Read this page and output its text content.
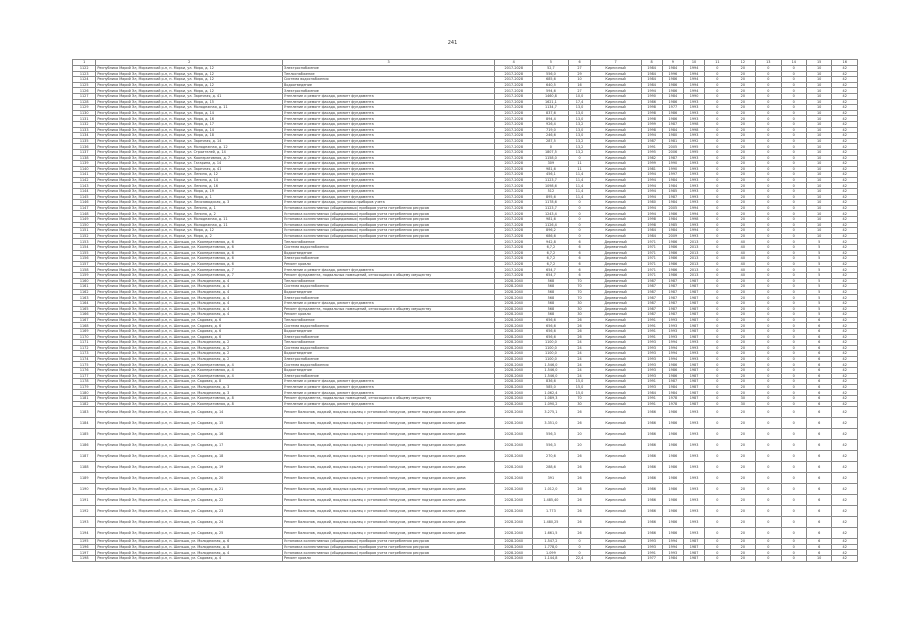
241
1	2	3	4	5	6	7	8	9	10	11	12	13	14	15	16
1122	Республика Марий Эл, Моркинский р-н, п. Морки, ул. Мира, д. 12	Электроснабжение	2017-2028	52,7	27	Кирпичный	1984	1984	1994	0	20	0	0	10	42
1123	Республика Марий Эл, Моркинский р-н, п. Морки, ул. Мира, д. 12	Теплоснабжение	2017-2028	556,0	29	Кирпичный	1984	1996	1994	0	20	0	0	10	42
1124	Республика Марий Эл, Моркинский р-н, п. Морки, ул. Мира, д. 12	Система водоснабжения	2017-2028	685,6	10	Кирпичный	1984	1986	1994	0	20	0	0	10	42
1125	Республика Марий Эл, Моркинский р-н, п. Морки, ул. Мира, д. 12	Водоотведение	2017-2028	640,5	16	Кирпичный	1984	1986	1994	0	20	0	0	10	42
1126	Республика Марий Эл, Моркинский р-н, п. Морки, ул. Мира, д. 12	Электроснабжение	2017-2028	594,6	27	Кирпичный	1994	1986	1994	0	20	0	0	10	42
1127	Республика Марий Эл, Моркинский р-н, п. Морки, ул. Заречная, д. 41	Утепление и ремонт фасада, ремонт фундамента	2017-2028	1460,8	10,0	Кирпичный	1990	1984	1990	0	20	0	0	10	42
1128	Республика Марий Эл, Моркинский р-н, п. Морки, ул. Мира, д. 15	Утепление и ремонт фасада, ремонт фундамента	2017-2028	1621,1	17,4	Кирпичный	1986	1986	1993	0	20	0	0	10	42
1129	Республика Марий Эл, Моркинский р-н, п. Морки, ул. Молодежная, д. 11	Утепление и ремонт фасада, ремонт фундамента	2017-2028	1134,7	13,0	Кирпичный	1998	1977	1993	0	20	0	0	10	42
1130	Республика Марий Эл, Моркинский р-н, п. Морки, ул. Мира, д. 14	Утепление и ремонт фасада, ремонт фундамента	2017-2028	837,6	13,0	Кирпичный	1998	1986	1993	0	20	0	0	10	42
1131	Республика Марий Эл, Моркинский р-н, п. Морки, ул. Мира, д. 16	Утепление и ремонт фасада, ремонт фундамента	2017-2028	894,4	13,0	Кирпичный	1998	1986	1993	0	20	0	0	10	42
1132	Республика Марий Эл, Моркинский р-н, п. Морки, ул. Мира, д. 17	Утепление и ремонт фасада, ремонт фундамента	2017-2028	926,4	13,2	Кирпичный	1999	1987	1998	0	20	0	0	10	42
1133	Республика Марий Эл, Моркинский р-н, п. Морки, ул. Мира, д. 14	Утепление и ремонт фасада, ремонт фундамента	2017-2028	719,0	13,0	Кирпичный	1998	1984	1998	0	20	0	0	10	42
1134	Республика Марий Эл, Моркинский р-н, п. Морки, ул. Мира, д. 18	Утепление и ремонт фасада, ремонт фундамента	2017-2028	246,6	13,0	Кирпичный	1994	1980	1993	0	20	0	0	10	42
1135	Республика Марий Эл, Моркинский р-н, п. Морки, ул. Заречная, д. 14	Утепление и ремонт фасада, ремонт фундамента	2017-2028	287,5	13,2	Кирпичный	1987	1981	1992	0	20	0	0	10	42
1136	Республика Марий Эл, Моркинский р-н, п. Морки, ул. Молодежная, д. 12	Утепление и ремонт фасада, ремонт фундамента	2017-2028	0	13,2	Кирпичный	1991	2005	1995	0	20	0	0	10	42
1137	Республика Марий Эл, Моркинский р-н, п. Морки, ул. Строителей, д. 14	Утепление и ремонт фасада, ремонт фундамента	2017-2028	1807,5	13,2	Кирпичный	1995	2006	1995	0	20	0	0	10	42
1138	Республика Марий Эл, Моркинский р-н, п. Морки, ул. Кооперативная, д. 7	Утепление и ремонт фасада, ремонт фундамента	2017-2028	1158,0	0	Кирпичный	1982	1987	1993	0	20	0	0	10	42
1139	Республика Марий Эл, Моркинский р-н, п. Морки, ул. Гагарина, д. 14	Утепление и ремонт фасада, ремонт фундамента	2017-2028	309	11	Кирпичный	1999	1990	1993	0	20	0	0	10	42
1140	Республика Марий Эл, Моркинский р-н, п. Морки, ул. Заречная, д. 41	Утепление и ремонт фасада, ремонт фундамента	2017-2028	981,6	11	Кирпичный	1981	1990	1993	0	20	0	0	10	42
1141	Республика Марий Эл, Моркинский р-н, п. Морки, ул. Ленина, д. 12	Утепление и ремонт фасада, ремонт фундамента	2017-2028	456,1	11,4	Кирпичный	1994	1997	1993	0	20	0	0	10	42
1142	Республика Марий Эл, Моркинский р-н, п. Морки, ул. Ленина, д. 14	Утепление и ремонт фасада, ремонт фундамента	2017-2028	1123,7	11,4	Кирпичный	1994	1984	1993	0	20	0	0	10	42
1143	Республика Марий Эл, Моркинский р-н, п. Морки, ул. Ленина, д. 16	Утепление и ремонт фасада, ремонт фундамента	2017-2028	1098,6	11,4	Кирпичный	1994	1984	1993	0	20	0	0	10	42
1144	Республика Марий Эл, Моркинский р-н, п. Морки, ул. Мира, д. 19	Утепление и ремонт фасада, ремонт фундамента	2017-2028	512	11,4	Кирпичный	1994	1985	1993	0	20	0	0	10	42
1145	Республика Марий Эл, Моркинский р-н, п. Морки, ул. Мира, д. 1	Утепление и ремонт фасада, ремонт фундамента	2017-2028	895,6	11,4	Кирпичный	1994	1987	1993	0	20	0	0	10	42
1146	Республика Марий Эл, Моркинский р-н, п. Морки, ул. Лесозаводская, д. 3	Утепление и ремонт фасада, установка приборов учета	2017-2028	1178,6	0	Кирпичный	1980	1984	1993	0	20	0	0	10	42
1147	Республика Марий Эл, Моркинский р-н, п. Морки, ул. Ленина, д. 1	Установка коллективных (общедомовых) приборов учета потребления ресурсов	2017-2028	1123,7	0	Кирпичный	1994	2005	1994	0	20	0	0	10	42
1148	Республика Марий Эл, Моркинский р-н, п. Морки, ул. Ленина, д. 2	Установка коллективных (общедомовых) приборов учета потребления ресурсов	2017-2028	1243,4	0	Кирпичный	1994	1986	1994	0	20	0	0	10	42
1149	Республика Марий Эл, Моркинский р-н, п. Морки, ул. Молодежная, д. 11	Установка коллективных (общедомовых) приборов учета потребления ресурсов	2017-2028	981,6	0	Кирпичный	1998	1984	1998	0	20	0	0	10	42
1150	Республика Марий Эл, Моркинский р-н, п. Морки, ул. Молодежная, д. 11	Установка коллективных (общедомовых) приборов учета потребления ресурсов	2017-2028	1126,4	0	Кирпичный	1998	1985	1993	0	20	0	0	10	42
1151	Республика Марий Эл, Моркинский р-н, п. Морки, ул. Мира, д. 12	Установка коллективных (общедомовых) приборов учета потребления ресурсов	2017-2028	896,2	0	Кирпичный	1984	1984	1994	0	20	0	0	10	42
1152	Республика Марий Эл, Моркинский р-н, п. Морки, ул. Мира, д. 2	Установка коллективных (общедомовых) приборов учета потребления ресурсов	2017-2028	686,6	0	Кирпичный	1984	2009	1993	0	20	0	0	10	42
1153	Республика Марий Эл, Моркинский р-н, п. Шиньша, ул. Кооперативная, д. 6	Теплоснабжение	2017-2028	942,8	6	Деревянный	1971	1986	2013	0	40	0	0	5	42
1154	Республика Марий Эл, Моркинский р-н, п. Шиньша, ул. Кооперативная, д. 6	Система водоснабжения	2017-2028	6,7,2	6	Деревянный	1971	1986	2013	0	40	0	0	5	42
1155	Республика Марий Эл, Моркинский р-н, п. Шиньша, ул. Кооперативная, д. 6	Водоотведение	2017-2028	6,7,2	6	Деревянный	1971	1986	2013	0	40	0	0	5	42
1156	Республика Марий Эл, Моркинский р-н, п. Шиньша, ул. Кооперативная, д. 6	Электроснабжение	2017-2028	6,7,2	6	Деревянный	1971	1986	2013	0	40	0	0	5	42
1157	Республика Марий Эл, Моркинский р-н, п. Шиньша, ул. Кооперативная, д. 6	Ремонт кровли	2017-2028	6,7,2	6	Деревянный	1971	1986	2013	0	40	0	0	5	42
1158	Республика Марий Эл, Моркинский р-н, п. Шиньша, ул. Кооперативная, д. 7	Утепление и ремонт фасада, ремонт фундамента	2017-2028	654,7	6	Деревянный	1971	1986	2013	0	40	0	0	5	42
1159	Республика Марий Эл, Моркинский р-н, п. Шиньша, ул. Кооперативная, д. 7	Ремонт фундамента, подвальных помещений, относящихся к общему имуществу	2017-2028	654,7	6	Деревянный	1971	1986	2013	0	40	0	0	5	42
1160	Республика Марий Эл, Моркинский р-н, п. Шиньша, ул. Молодежная, д. 4	Теплоснабжение	2028-2040	568	70	Деревянный	1987	1987	1987	0	20	0	0	5	42
1161	Республика Марий Эл, Моркинский р-н, п. Шиньша, ул. Молодежная, д. 4	Система водоснабжения	2028-2040	568	70	Деревянный	1987	1987	1987	0	20	0	0	5	42
1162	Республика Марий Эл, Моркинский р-н, п. Шиньша, ул. Молодежная, д. 4	Водоотведение	2028-2040	568	70	Деревянный	1987	1987	1987	0	20	0	0	5	42
1163	Республика Марий Эл, Моркинский р-н, п. Шиньша, ул. Молодежная, д. 4	Электроснабжение	2028-2040	568	70	Деревянный	1987	1987	1987	0	20	0	0	5	42
1164	Республика Марий Эл, Моркинский р-н, п. Шиньша, ул. Молодежная, д. 4	Утепление и ремонт фасада, ремонт фундамента	2028-2040	568	30	Деревянный	1987	1987	1987	0	20	0	0	5	42
1165	Республика Марий Эл, Моркинский р-н, п. Шиньша, ул. Молодежная, д. 4	Ремонт фундамента, подвальных помещений, относящихся к общему имуществу	2028-2040	568	30	Деревянный	1987	1987	1987	0	20	0	0	5	42
1166	Республика Марий Эл, Моркинский р-н, п. Шиньша, ул. Молодежная, д. 4	Ремонт кровли	2028-2040	568	30	Деревянный	1987	1987	1987	0	20	0	0	5	42
1167	Республика Марий Эл, Моркинский р-н, п. Шиньша, ул. Садовая, д. 6	Теплоснабжение	2028-2040	656,6	26	Кирпичный	1991	1993	1987	0	20	0	0	6	42
1168	Республика Марий Эл, Моркинский р-н, п. Шиньша, ул. Садовая, д. 6	Система водоснабжения	2028-2040	656,6	26	Кирпичный	1991	1993	1987	0	20	0	0	6	42
1169	Республика Марий Эл, Моркинский р-н, п. Шиньша, ул. Садовая, д. 6	Водоотведение	2028-2040	656,6	26	Кирпичный	1991	1993	1987	0	20	0	0	6	42
1170	Республика Марий Эл, Моркинский р-н, п. Шиньша, ул. Садовая, д. 6	Электроснабжение	2028-2040	656,6	26	Кирпичный	1991	1993	1987	0	20	0	0	6	42
1171	Республика Марий Эл, Моркинский р-н, п. Шиньша, ул. Молодежная, д. 2	Теплоснабжение	2028-2040	1100,0	24	Кирпичный	1993	1994	1993	0	20	0	0	6	42
1172	Республика Марий Эл, Моркинский р-н, п. Шиньша, ул. Молодежная, д. 2	Система водоснабжения	2028-2040	1100,0	24	Кирпичный	1993	1994	1993	0	20	0	0	6	42
1173	Республика Марий Эл, Моркинский р-н, п. Шиньша, ул. Молодежная, д. 2	Водоотведение	2028-2040	1100,0	24	Кирпичный	1993	1994	1993	0	20	0	0	6	42
1174	Республика Марий Эл, Моркинский р-н, п. Шиньша, ул. Молодежная, д. 2	Электроснабжение	2028-2040	1100,0	24	Кирпичный	1993	1994	1993	0	20	0	0	6	42
1175	Республика Марий Эл, Моркинский р-н, п. Шиньша, ул. Кооперативная, д. 4	Система водоснабжения	2028-2040	1.546,0	24	Кирпичный	1993	1986	1987	0	20	0	0	6	42
1176	Республика Марий Эл, Моркинский р-н, п. Шиньша, ул. Кооперативная, д. 4	Водоотведение	2028-2040	1.546,0	24	Кирпичный	1993	1986	1987	0	20	0	0	6	42
1177	Республика Марий Эл, Моркинский р-н, п. Шиньша, ул. Кооперативная, д. 4	Электроснабжение	2028-2040	1.546,0	24	Кирпичный	1993	1986	1987	0	20	0	0	6	42
1178	Республика Марий Эл, Моркинский р-н, п. Шиньша, ул. Садовая, д. 8	Утепление и ремонт фасада, ремонт фундамента	2028-2040	836,6	15,0	Кирпичный	1991	1987	1987	0	20	0	0	6	42
1179	Республика Марий Эл, Моркинский р-н, п. Шиньша, ул. Молодежная, д. 3	Утепление и ремонт фасада, ремонт фундамента	2028-2040	585,0	15,0	Кирпичный	1993	1984	1987	0	20	0	0	6	42
1180	Республика Марий Эл, Моркинский р-н, п. Шиньша, ул. Молодежная, д. 3	Утепление и ремонт фасада, ремонт фундамента	2028-2040	1.062,4	15,0	Кирпичный	1984	1984	1987	0	20	0	0	6	42
1181	Республика Марий Эл, Моркинский р-н, п. Шиньша, ул. Кооперативная, д. 8	Ремонт фундамента, подвальных помещений, относящихся к общему имуществу	2028-2040	1.089,3	70	Кирпичный	1991	1978	1987	0	30	0	0	6	42
1182	Республика Марий Эл, Моркинский р-н, п. Шиньша, ул. Кооперативная, д. 8	Утепление и ремонт фасада, ремонт фундамента	2028-2040	1.090,2	30	Кирпичный	1991	1978	1987	0	30	0	0	6	42
1183	Республика Марий Эл, Моркинский р-н, п. Шиньша, ул. Садовая, д. 14	Ремонт балконов, лоджий, входных крылец с установкой пандусов, ремонт подъездов жилого дома	2028-2040	3.275,1	26	Кирпичный	1986	1986	1993	0	20	0	0	6	42
1184	Республика Марий Эл, Моркинский р-н, п. Шиньша, ул. Садовая, д. 15	Ремонт балконов, лоджий, входных крылец с установкой пандусов, ремонт подъездов жилого дома	2028-2040	3.351,0	26	Кирпичный	1986	1986	1993	0	20	0	0	6	42
1185	Республика Марий Эл, Моркинский р-н, п. Шиньша, ул. Садовая, д. 16	Ремонт балконов, лоджий, входных крылец с установкой пандусов, ремонт подъездов жилого дома	2028-2040	556,3	20	Кирпичный	1986	1986	1993	0	20	0	0	6	42
1186	Республика Марий Эл, Моркинский р-н, п. Шиньша, ул. Садовая, д. 17	Ремонт балконов, лоджий, входных крылец с установкой пандусов, ремонт подъездов жилого дома	2028-2040	556,3	20	Кирпичный	1986	1986	1993	0	20	0	0	6	42
1187	Республика Марий Эл, Моркинский р-н, п. Шиньша, ул. Садовая, д. 18	Ремонт балконов, лоджий, входных крылец с установкой пандусов, ремонт подъездов жилого дома	2028-2040	270,6	26	Кирпичный	1986	1986	1993	0	20	0	0	6	42
1188	Республика Марий Эл, Моркинский р-н, п. Шиньша, ул. Садовая, д. 19	Ремонт балконов, лоджий, входных крылец с установкой пандусов, ремонт подъездов жилого дома	2028-2040	288,6	26	Кирпичный	1986	1986	1993	0	20	0	0	6	42
1189	Республика Марий Эл, Моркинский р-н, п. Шиньша, ул. Садовая, д. 20	Ремонт балконов, лоджий, входных крылец с установкой пандусов, ремонт подъездов жилого дома	2028-2040	391	26	Кирпичный	1986	1986	1993	0	20	0	0	6	42
1190	Республика Марий Эл, Моркинский р-н, п. Шиньша, ул. Садовая, д. 21	Ремонт балконов, лоджий, входных крылец с установкой пандусов, ремонт подъездов жилого дома	2028-2040	1.012,0	26	Кирпичный	1986	1986	1993	0	20	0	0	6	42
1191	Республика Марий Эл, Моркинский р-н, п. Шиньша, ул. Садовая, д. 22	Ремонт балконов, лоджий, входных крылец с установкой пандусов, ремонт подъездов жилого дома	2028-2040	1.485,40	26	Кирпичный	1986	1986	1993	0	20	0	0	6	42
1192	Республика Марий Эл, Моркинский р-н, п. Шиньша, ул. Садовая, д. 23	Ремонт балконов, лоджий, входных крылец с установкой пандусов, ремонт подъездов жилого дома	2028-2040	1.773	26	Кирпичный	1986	1986	1993	0	20	0	0	6	42
1193	Республика Марий Эл, Моркинский р-н, п. Шиньша, ул. Садовая, д. 24	Ремонт балконов, лоджий, входных крылец с установкой пандусов, ремонт подъездов жилого дома	2028-2040	1.480,25	26	Кирпичный	1986	1986	1993	0	20	0	0	6	42
1194	Республика Марий Эл, Моркинский р-н, п. Шиньша, ул. Садовая, д. 25	Ремонт балконов, лоджий, входных крылец с установкой пандусов, ремонт подъездов жилого дома	2028-2040	1.661,5	26	Кирпичный	1986	1986	1993	0	20	0	0	6	42
1195	Республика Марий Эл, Моркинский р-н, п. Шиньша, ул. Молодежная, д. 6	Установка коллективных (общедомовых) приборов учета потребления ресурсов	2028-2040	1.547,2	0	Кирпичный	1993	1994	1987	0	20	0	0	6	42
1196	Республика Марий Эл, Моркинский р-н, п. Шиньша, ул. Молодежная, д. 8	Установка коллективных (общедомовых) приборов учета потребления ресурсов	2028-2040	1.778,0	0	Кирпичный	1993	1994	1987	0	20	0	0	6	42
1197	Республика Марий Эл, Моркинский р-н, п. Шиньша, ул. Молодежная, д. 4	Установка коллективных (общедомовых) приборов учета потребления ресурсов	2028-2040	1.099	0	Кирпичный	1991	1993	1987	0	20	0	0	6	42
1198	Республика Марий Эл, Моркинский р-н, п. Шиньша, ул. Садовая, д. 4	Ремонт кровли	2028-2040	1.144,8	22,4	Кирпичный	1977	1984	1987	0	20	0	0	10	42
